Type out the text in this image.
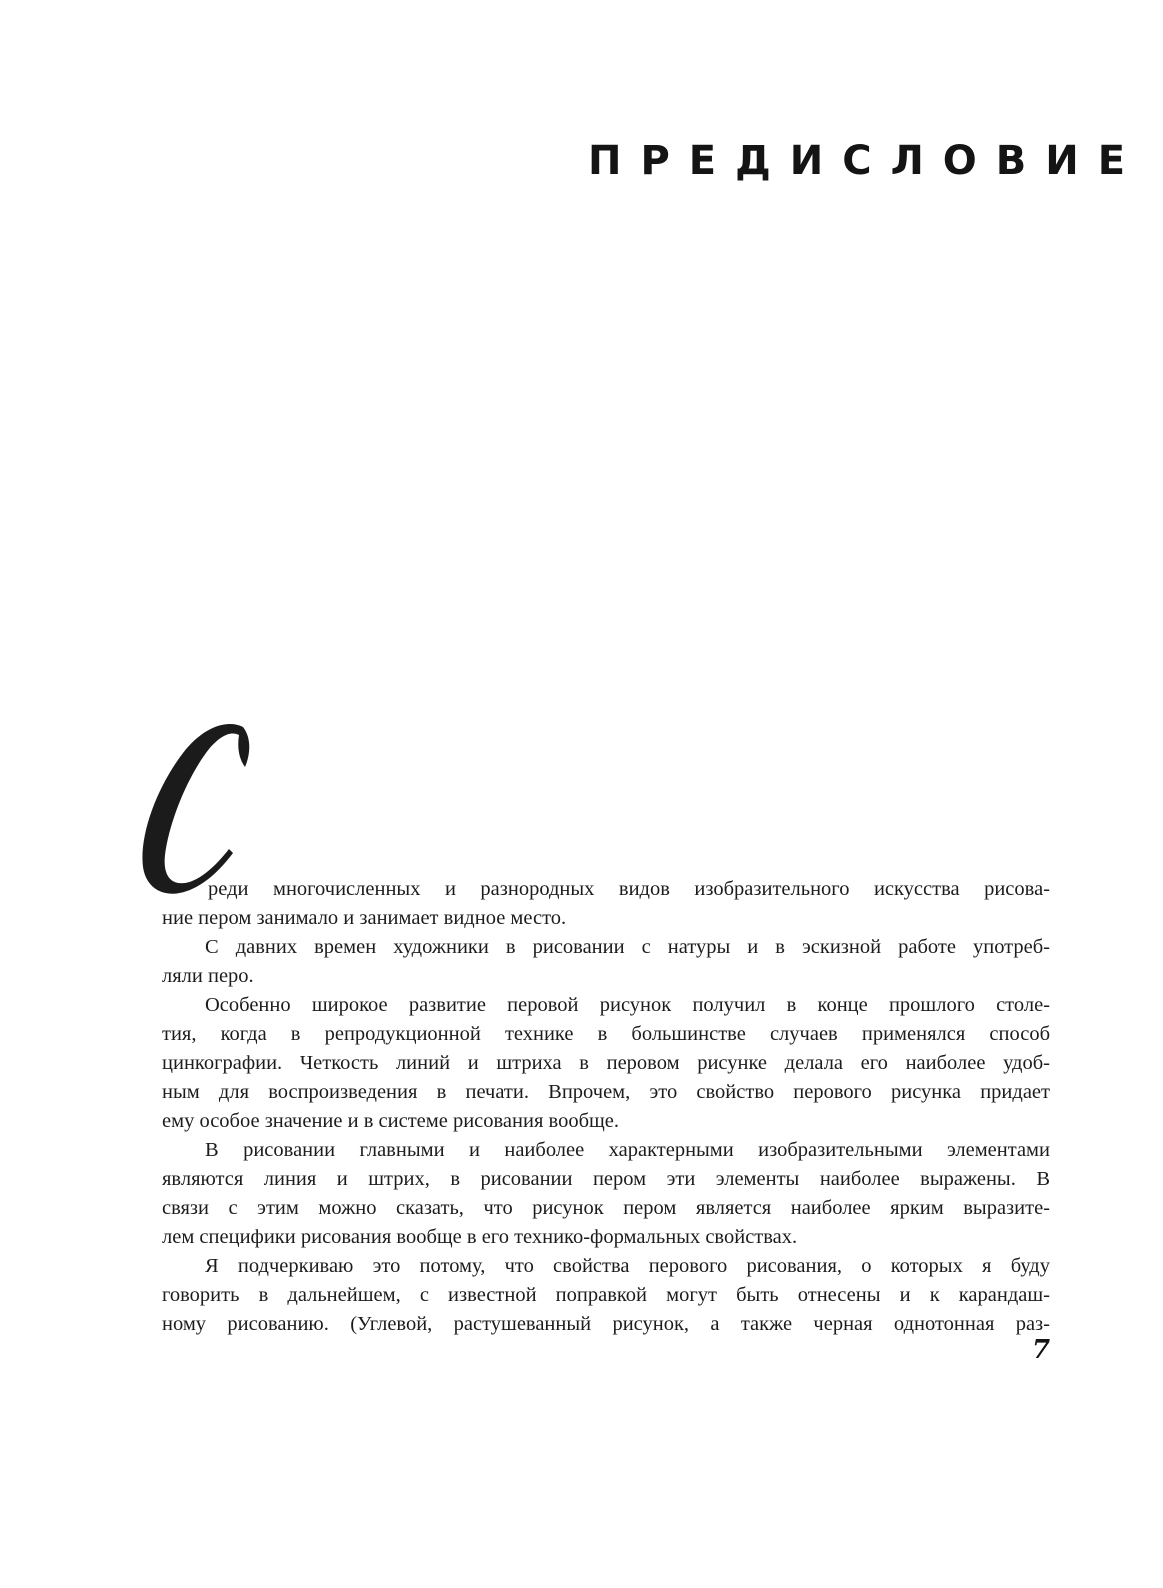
ПРЕДИСЛОВИЕ
реди многочисленных и разнородных видов изобразительного искусства рисова-
ние пером занимало и занимает видное место.
С давних времен художники в рисовании с натуры и в эскизной работе употреб-
ляли перо.
Особенно широкое развитие перовой рисунок получил в конце прошлого столе-
тия, когда в репродукционной технике в большинстве случаев применялся способ
цинкографии. Четкость линий и штриха в перовом рисунке делала его наиболее удоб-
ным для воспроизведения в печати. Впрочем, это свойство перового рисунка придает
ему особое значение и в системе рисования вообще.
В рисовании главными и наиболее характерными изобразительными элементами
являются линия и штрих, в рисовании пером эти элементы наиболее выражены. В
связи с этим можно сказать, что рисунок пером является наиболее ярким выразите-
лем специфики рисования вообще в его технико-формальных свойствах.
Я подчеркиваю это потому, что свойства перового рисования, о которых я буду
говорить в дальнейшем, с известной поправкой могут быть отнесены и к карандаш-
ному рисованию. (Углевой, растушеванный рисунок, а также черная однотонная раз-

7
